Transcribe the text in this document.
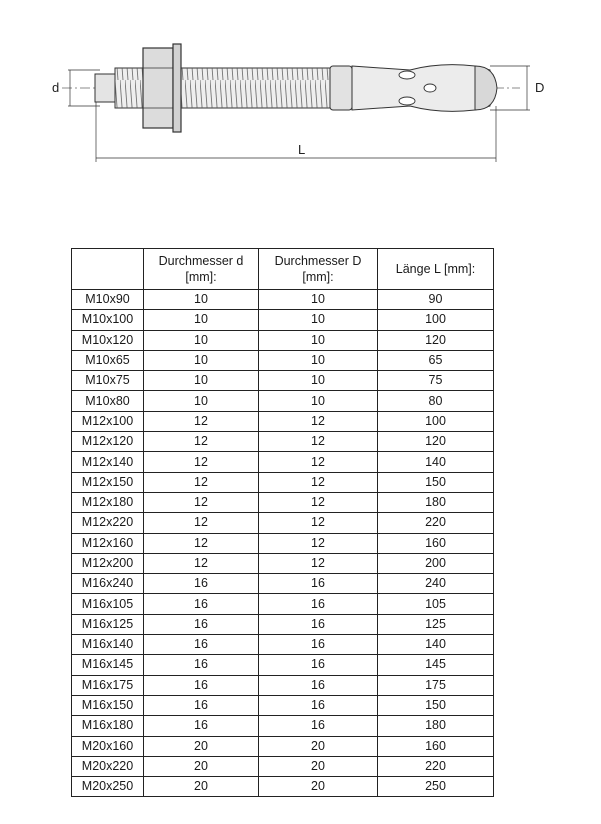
d	D
L
	Durchmesser d [mm]:	Durchmesser D [mm]:	Länge L [mm]:
M10x90	10	10	90
M10x100	10	10	100
M10x120	10	10	120
M10x65	10	10	65
M10x75	10	10	75
M10x80	10	10	80
M12x100	12	12	100
M12x120	12	12	120
M12x140	12	12	140
M12x150	12	12	150
M12x180	12	12	180
M12x220	12	12	220
M12x160	12	12	160
M12x200	12	12	200
M16x240	16	16	240
M16x105	16	16	105
M16x125	16	16	125
M16x140	16	16	140
M16x145	16	16	145
M16x175	16	16	175
M16x150	16	16	150
M16x180	16	16	180
M20x160	20	20	160
M20x220	20	20	220
M20x250	20	20	250
